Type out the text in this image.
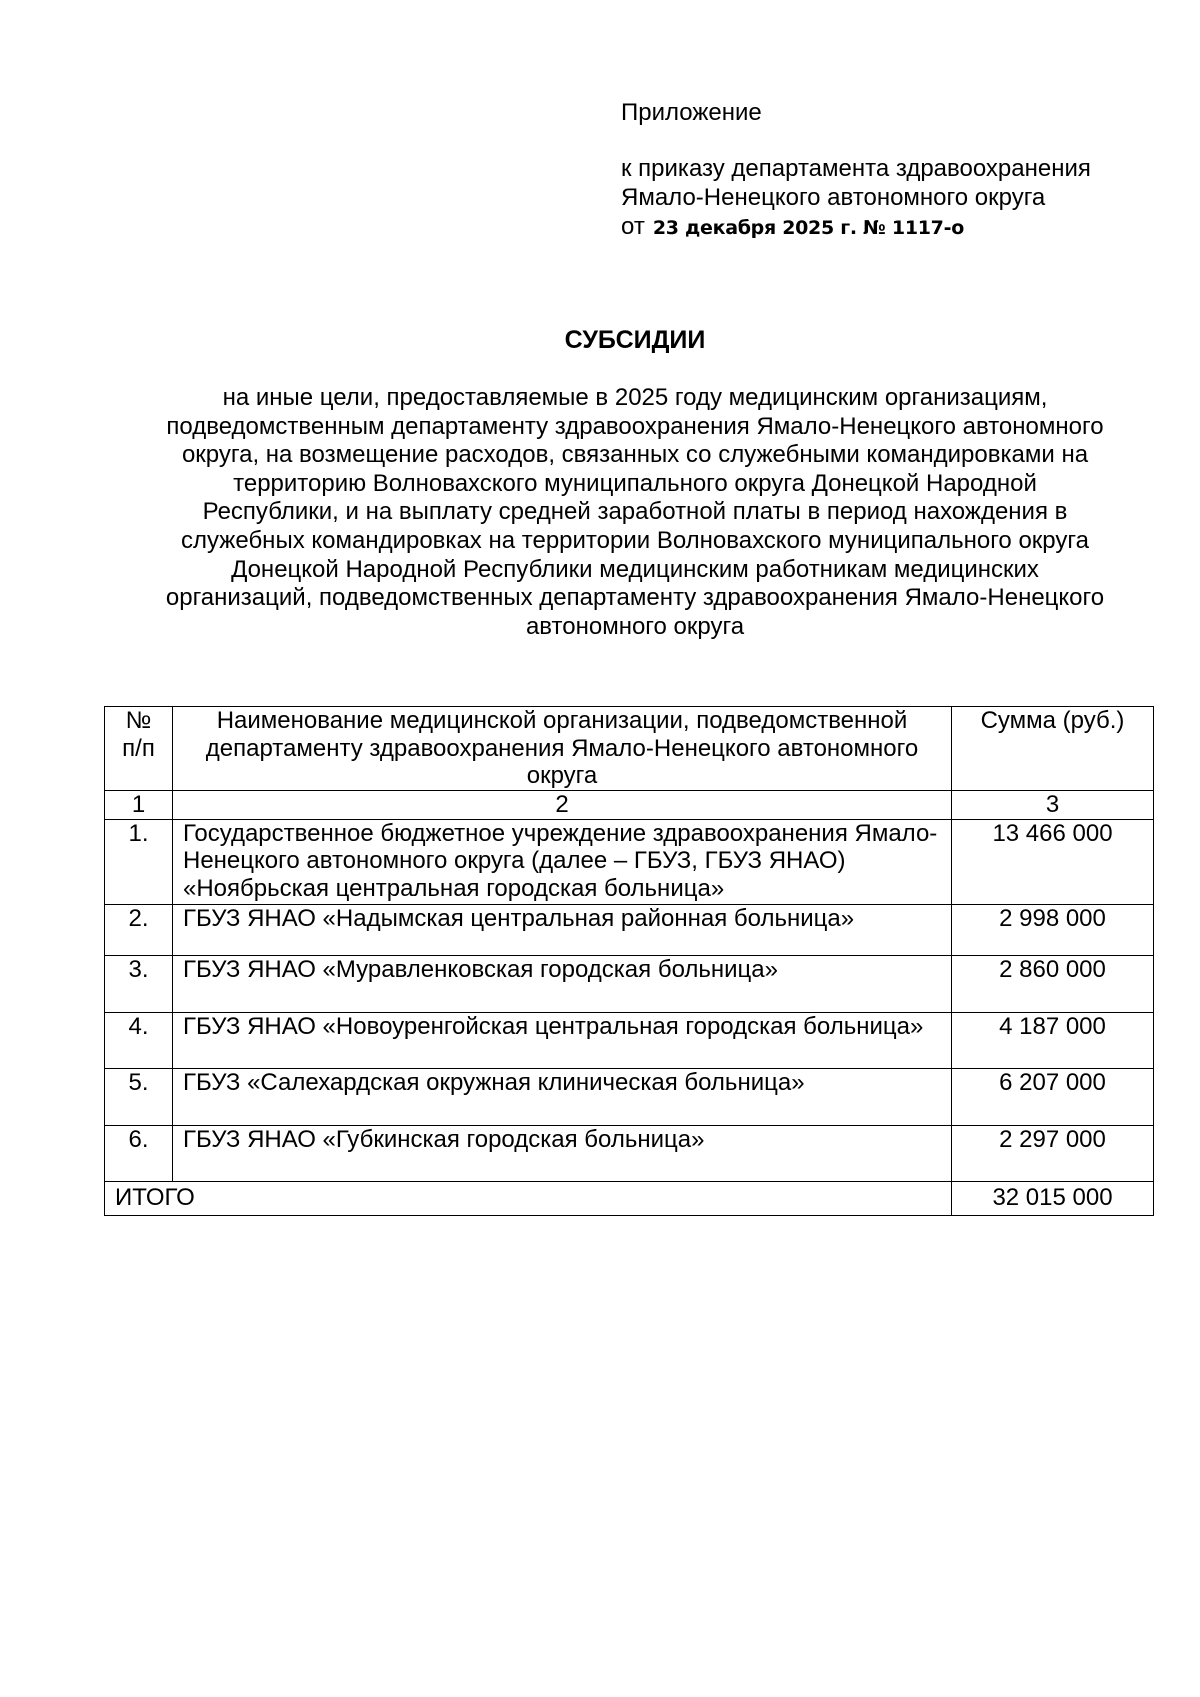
Приложение
к приказу департамента здравоохранения
Ямало-Ненецкого автономного округа
от 23 декабря 2025 г. № 1117-о
СУБСИДИИ

на иные цели, предоставляемые в 2025 году медицинским организациям,
подведомственным департаменту здравоохранения Ямало-Ненецкого автономного
округа, на возмещение расходов, связанных со служебными командировками на
территорию Волновахского муниципального округа Донецкой Народной
Республики, и на выплату средней заработной платы в период нахождения в
служебных командировках на территории Волновахского муниципального округа
Донецкой Народной Республики медицинским работникам медицинских
организаций, подведомственных департаменту здравоохранения Ямало-Ненецкого
автономного округа

№ п/п	Наименование медицинской организации, подведомственной департаменту здравоохранения Ямало-Ненецкого автономного округа	Сумма (руб.)
1	2	3
1.	Государственное бюджетное учреждение здравоохранения Ямало-Ненецкого автономного округа (далее – ГБУЗ, ГБУЗ ЯНАО) «Ноябрьская центральная городская больница»	13 466 000
2.	ГБУЗ ЯНАО «Надымская центральная районная больница»	2 998 000
3.	ГБУЗ ЯНАО «Муравленковская городская больница»	2 860 000
4.	ГБУЗ ЯНАО «Новоуренгойская центральная городская больница»	4 187 000
5.	ГБУЗ «Салехардская окружная клиническая больница»	6 207 000
6.	ГБУЗ ЯНАО «Губкинская городская больница»	2 297 000
ИТОГО		32 015 000
